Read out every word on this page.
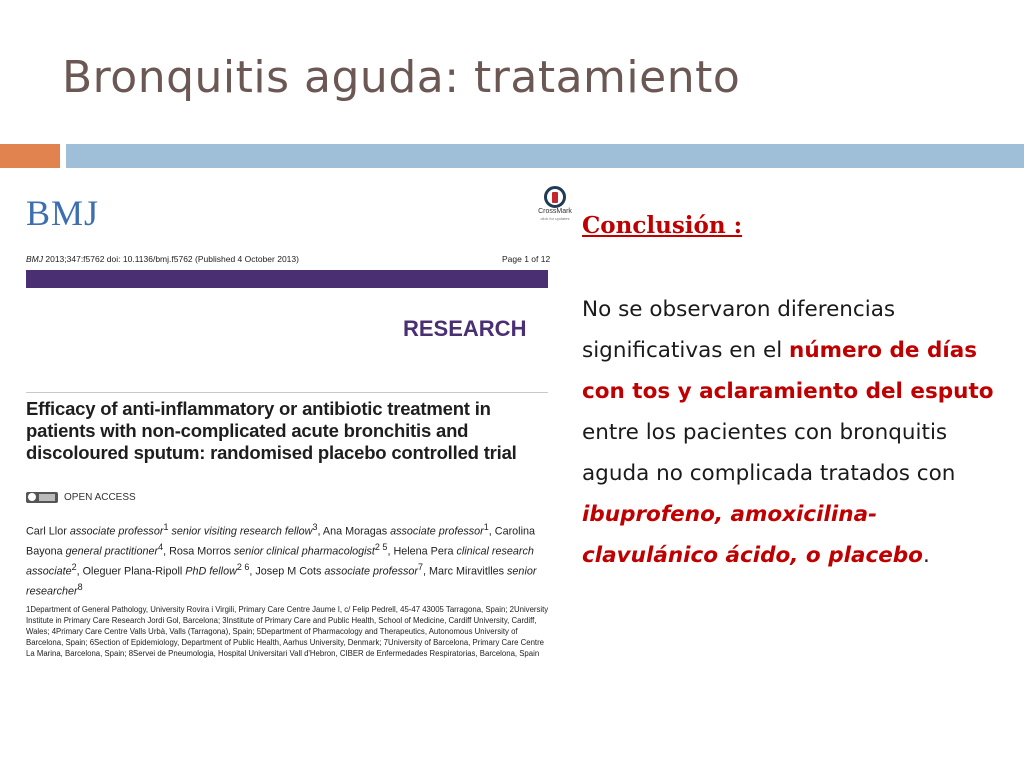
Bronquitis aguda: tratamiento
BMJ	CrossMark
click for updates
BMJ 2013;347:f5762 doi: 10.1136/bmj.f5762 (Published 4 October 2013)	Page 1 of 12
RESEARCH
Efficacy of anti-inflammatory or antibiotic treatment in patients with non-complicated acute bronchitis and discoloured sputum: randomised placebo controlled trial
OPEN ACCESS
Carl Llor associate professor$^1$ senior visiting research fellow$^3$, Ana Moragas associate professor$^1$, Carolina Bayona general practitioner$^4$, Rosa Morros senior clinical pharmacologist$^{2 5}$, Helena Pera clinical research associate$^2$, Oleguer Plana-Ripoll PhD fellow$^{2 6}$, Josep M Cots associate professor$^7$, Marc Miravitlles senior researcher$^8$
1Department of General Pathology, University Rovira i Virgili, Primary Care Centre Jaume I, c/ Felip Pedrell, 45-47 43005 Tarragona, Spain; 2University Institute in Primary Care Research Jordi Gol, Barcelona; 3Institute of Primary Care and Public Health, School of Medicine, Cardiff University, Cardiff, Wales; 4Primary Care Centre Valls Urbà, Valls (Tarragona), Spain; 5Department of Pharmacology and Therapeutics, Autonomous University of Barcelona, Spain; 6Section of Epidemiology, Department of Public Health, Aarhus University, Denmark; 7University of Barcelona, Primary Care Centre La Marina, Barcelona, Spain; 8Servei de Pneumologia, Hospital Universitari Vall d'Hebron, CIBER de Enfermedades Respiratorias, Barcelona, Spain
Conclusión :
No se observaron diferencias significativas en el número de días con tos y aclaramiento del esputo entre los pacientes con bronquitis aguda no complicada tratados con ibuprofeno, amoxicilina-clavulánico ácido, o placebo.
